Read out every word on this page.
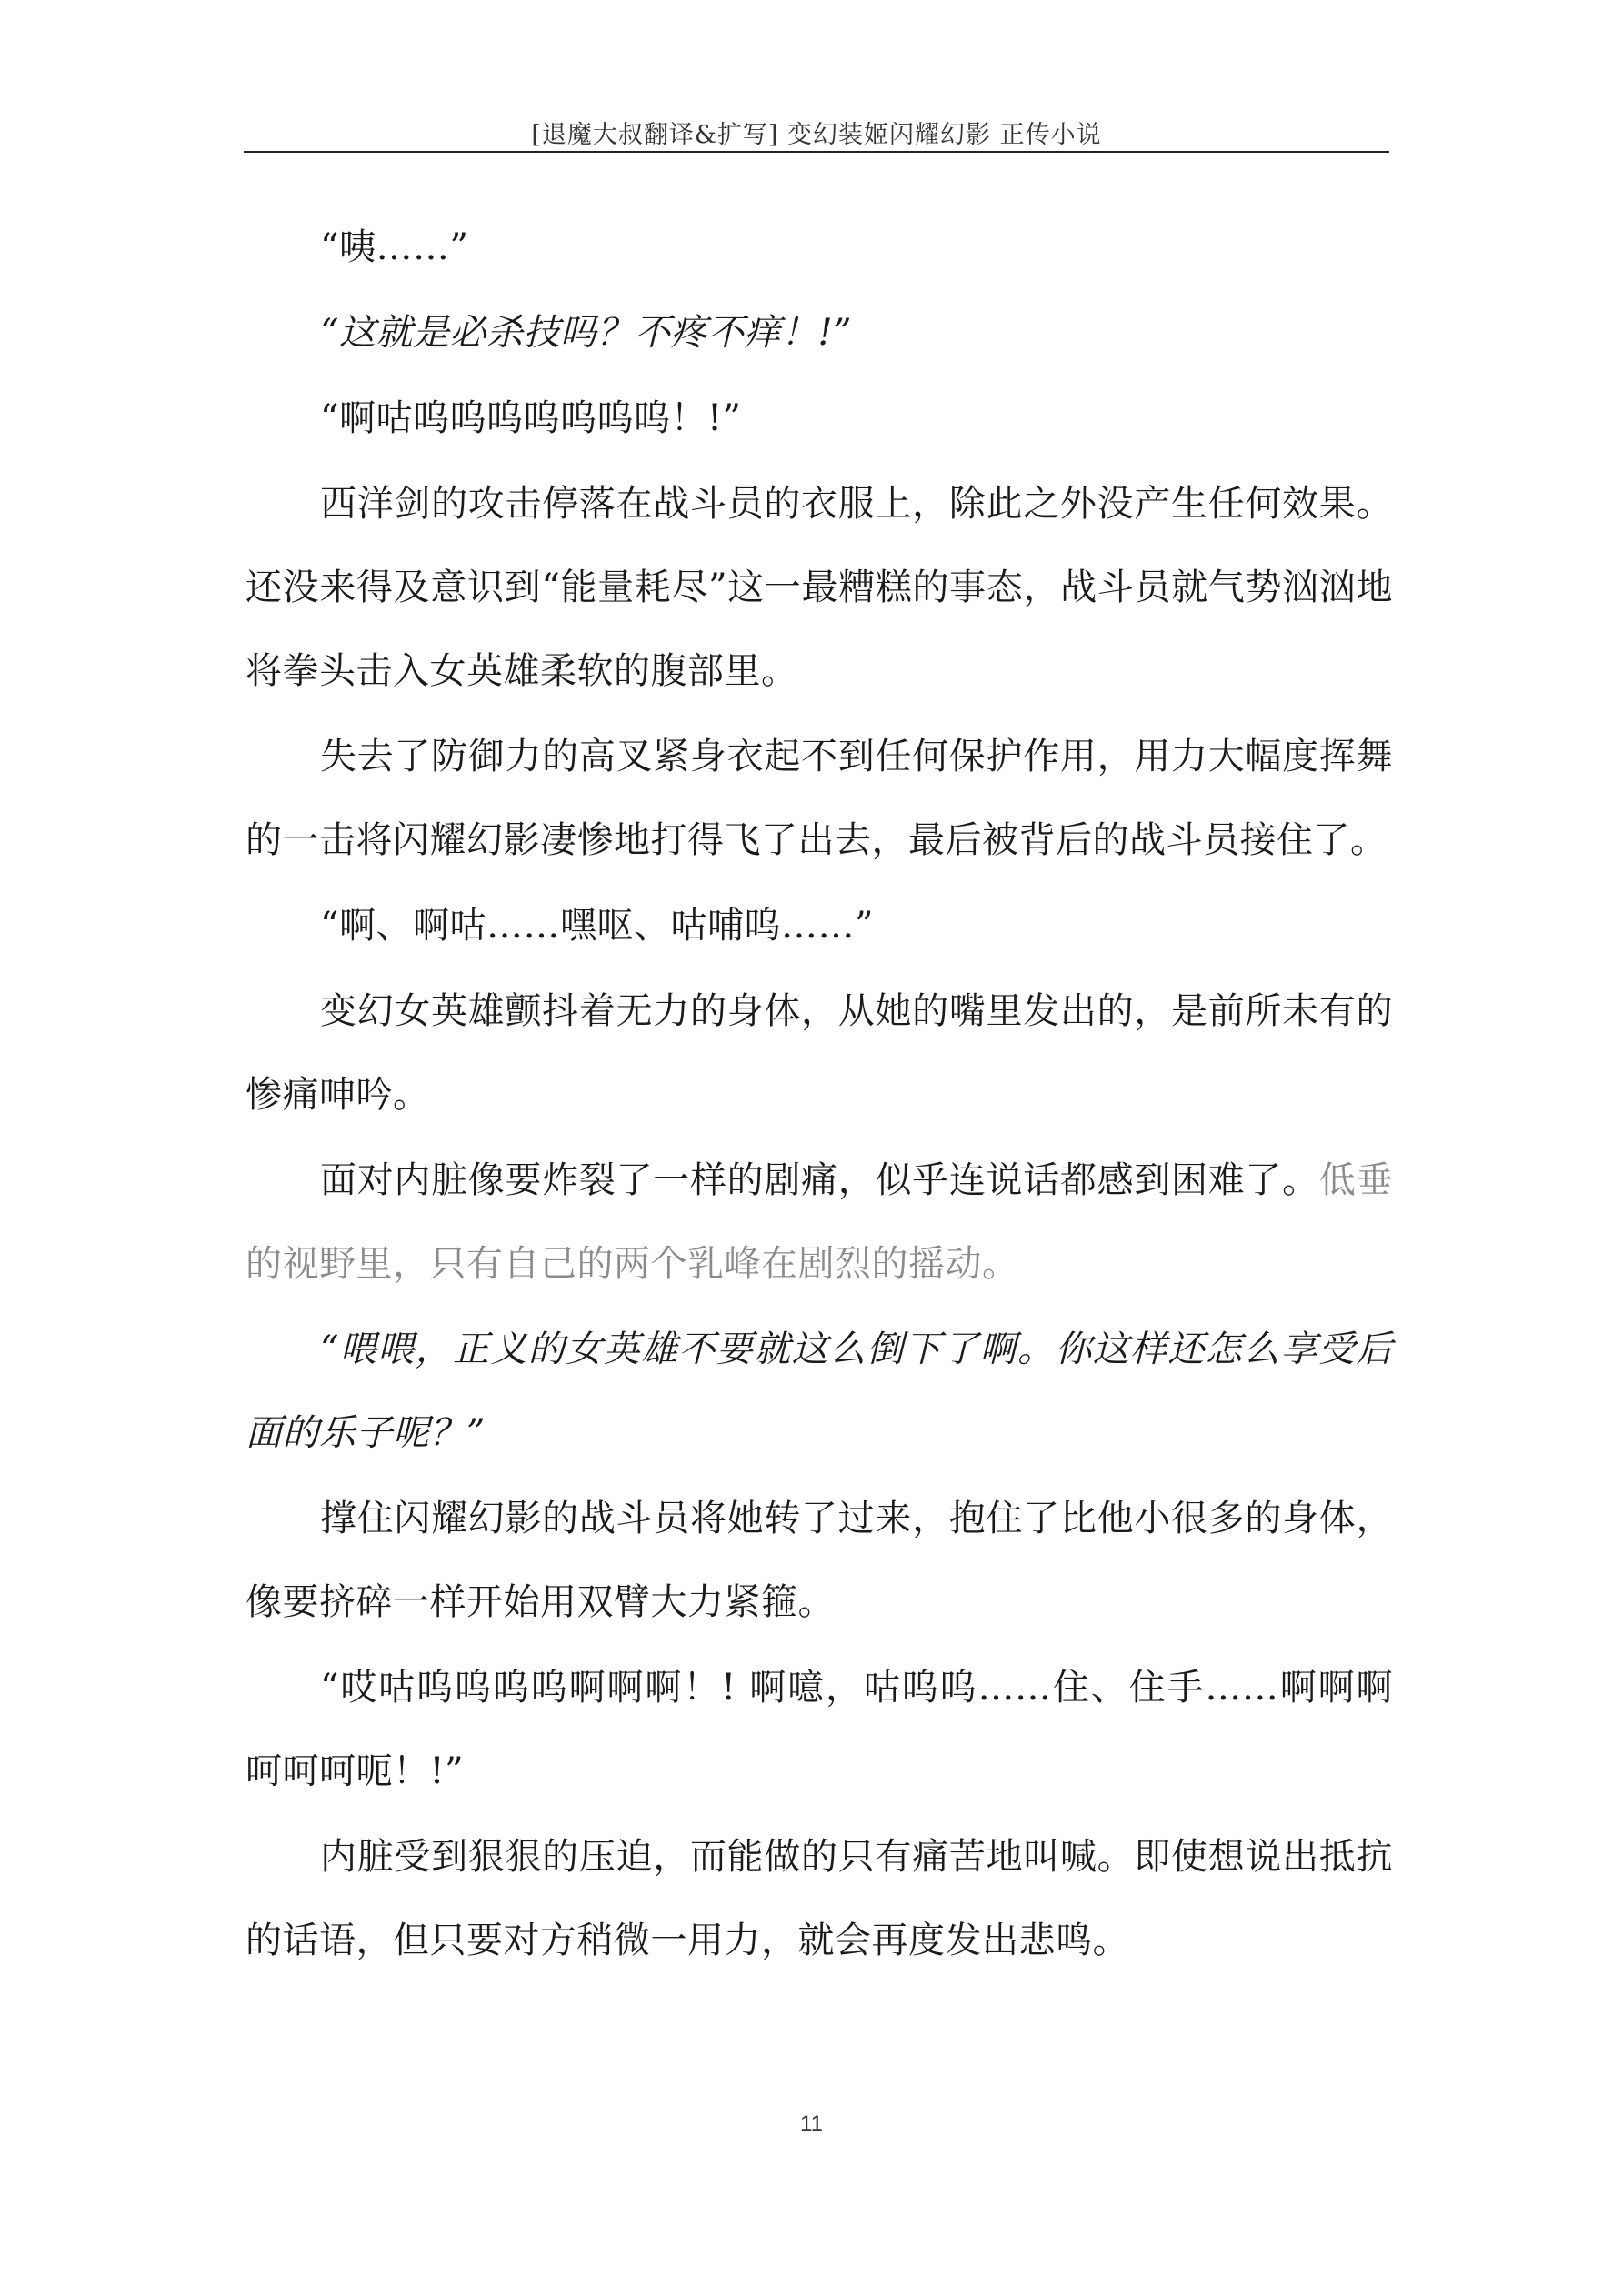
[退魔大叔翻译&扩写] 变幻装姬闪耀幻影 正传小说

“咦……”

“这就是必杀技吗？不疼不痒！!”

“啊咕呜呜呜呜呜呜呜！!”

西洋剑的攻击停落在战斗员的衣服上，除此之外没产生任何效果。还没来得及意识到“能量耗尽”这一最糟糕的事态，战斗员就气势汹汹地将拳头击入女英雄柔软的腹部里。

失去了防御力的高叉紧身衣起不到任何保护作用，用力大幅度挥舞的一击将闪耀幻影凄惨地打得飞了出去，最后被背后的战斗员接住了。

“啊、啊咕……嘿呕、咕哺呜……”

变幻女英雄颤抖着无力的身体，从她的嘴里发出的，是前所未有的惨痛呻吟。

面对内脏像要炸裂了一样的剧痛，似乎连说话都感到困难了。低垂的视野里，只有自己的两个乳峰在剧烈的摇动。

“喂喂，正义的女英雄不要就这么倒下了啊。你这样还怎么享受后面的乐子呢？”

撑住闪耀幻影的战斗员将她转了过来，抱住了比他小很多的身体，像要挤碎一样开始用双臂大力紧箍。

“哎咕呜呜呜呜啊啊啊！! 啊噫，咕呜呜……住、住手……啊啊啊呵呵呵呃！!”

内脏受到狠狠的压迫，而能做的只有痛苦地叫喊。即使想说出抵抗的话语，但只要对方稍微一用力，就会再度发出悲鸣。

11
